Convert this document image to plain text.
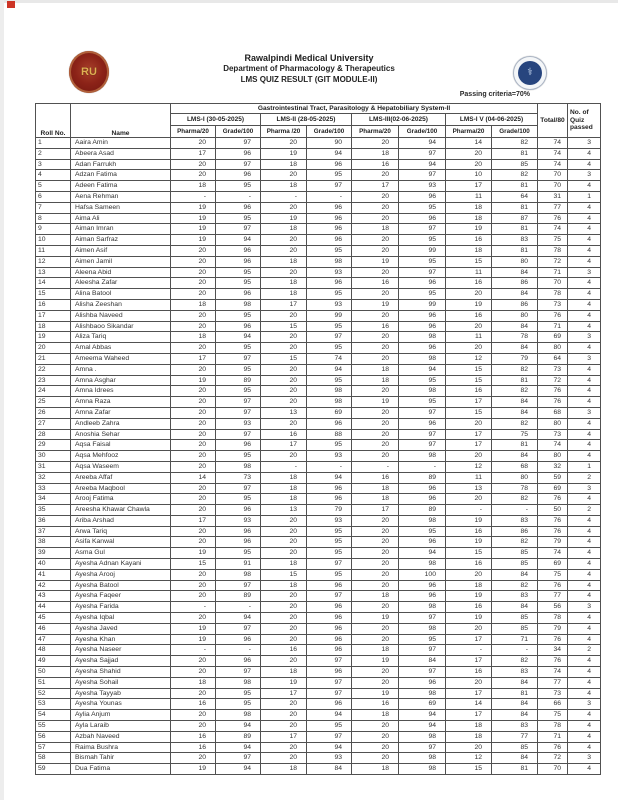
RU
Rawalpindi Medical University
Department of Pharmacology & Therapeutics
LMS QUIZ RESULT (GIT MODULE-II)
⚕
Passing criteria=70%
Roll No.	Name	Gastrointestinal Tract, Parasitology & Hepatobiliary System-II								Total/80	No. of Quiz passed
		LMS-I (30-05-2025)		LMS-II (28-05-2025)		LMS-III(02-06-2025)		LMS-I V (04-06-2025)			
		Pharma/20	Grade/100	Pharma /20	Grade/100	Pharma/20	Grade/100	Pharma/20	Grade/100		
1	Aaira Amin	20	97	20	90	20	94	14	82	74	3
2	Abeera Asad	17	96	19	94	18	97	20	81	74	4
3	Adan Farrukh	20	97	18	96	16	94	20	85	74	4
4	Adzan Fatima	20	96	20	95	20	97	10	82	70	3
5	Adeen Fatima	18	95	18	97	17	93	17	81	70	4
6	Aena Rehman	-	-	-	-	20	96	11	64	31	1
7	Hafsa Sameen	19	96	20	96	20	95	18	81	77	4
8	Aima Ali	19	95	19	96	20	96	18	87	76	4
9	Aiman Imran	19	97	18	96	18	97	19	81	74	4
10	Aiman Sarfraz	19	94	20	96	20	95	16	83	75	4
11	Aimen Asif	20	96	20	95	20	99	18	81	78	4
12	Aimen Jamil	20	96	18	98	19	95	15	80	72	4
13	Aleena Abid	20	95	20	93	20	97	11	84	71	3
14	Aleesha Zafar	20	95	18	96	16	96	16	86	70	4
15	Alina Batool	20	96	18	95	20	95	20	84	78	4
16	Alisha Zeeshan	18	98	17	93	19	99	19	86	73	4
17	Alishba Naveed	20	95	20	99	20	96	16	80	76	4
18	Alishbaoo Sikandar	20	96	15	95	16	96	20	84	71	4
19	Aliza Tariq	18	94	20	97	20	98	11	78	69	3
20	Amal Abbas	20	95	20	95	20	96	20	84	80	4
21	Ameema Waheed	17	97	15	74	20	98	12	79	64	3
22	Amna .	20	95	20	94	18	94	15	82	73	4
23	Amna Asghar	19	89	20	95	18	95	15	81	72	4
24	Amna Idrees	20	95	20	98	20	98	16	82	76	4
25	Amna Raza	20	97	20	98	19	95	17	84	76	4
26	Amna Zafar	20	97	13	69	20	97	15	84	68	3
27	Andleeb Zahra	20	93	20	96	20	96	20	82	80	4
28	Anoshia Sehar	20	97	16	88	20	97	17	75	73	4
29	Aqsa Faisal	20	96	17	95	20	97	17	81	74	4
30	Aqsa Mehfooz	20	95	20	93	20	98	20	84	80	4
31	Aqsa Waseem	20	98	-	-	-	-	12	68	32	1
32	Areeba Affaf	14	73	18	94	16	89	11	80	59	2
33	Areeba Maqbool	20	97	18	96	18	96	13	78	69	3
34	Arooj Fatima	20	95	18	96	18	96	20	82	76	4
35	Areesha Khawar Chawla	20	96	13	79	17	89	-	-	50	2
36	Ariba Arshad	17	93	20	93	20	98	19	83	76	4
37	Arwa Tariq	20	96	20	95	20	95	16	86	76	4
38	Asifa Kanwal	20	96	20	95	20	96	19	82	79	4
39	Asma Gul	19	95	20	95	20	94	15	85	74	4
40	Ayesha Adnan Kayani	15	91	18	97	20	98	16	85	69	4
41	Ayesha Arooj	20	98	15	95	20	100	20	84	75	4
42	Ayesha Batool	20	97	18	96	20	96	18	82	76	4
43	Ayesha Faqeer	20	89	20	97	18	96	19	83	77	4
44	Ayesha Farida	-	-	20	96	20	98	16	84	56	3
45	Ayesha Iqbal	20	94	20	96	19	97	19	85	78	4
46	Ayesha Javed	19	97	20	96	20	98	20	85	79	4
47	Ayesha Khan	19	96	20	96	20	95	17	71	76	4
48	Ayesha Naseer	-	-	16	96	18	97	-	-	34	2
49	Ayesha Sajjad	20	96	20	97	19	84	17	82	76	4
50	Ayesha Shahid	20	97	18	96	20	97	16	83	74	4
51	Ayesha Sohail	18	98	19	97	20	96	20	84	77	4
52	Ayesha Tayyab	20	95	17	97	19	98	17	81	73	4
53	Ayesha Younas	16	95	20	96	16	69	14	84	66	3
54	Aylia Anjum	20	98	20	94	18	94	17	84	75	4
55	Ayla Laraib	20	94	20	95	20	94	18	83	78	4
56	Azbah Naveed	16	89	17	97	20	98	18	77	71	4
57	Raima Bushra	16	94	20	94	20	97	20	85	76	4
58	Bismah Tahir	20	97	20	93	20	98	12	84	72	3
59	Dua Fatima	19	94	18	84	18	98	15	81	70	4
